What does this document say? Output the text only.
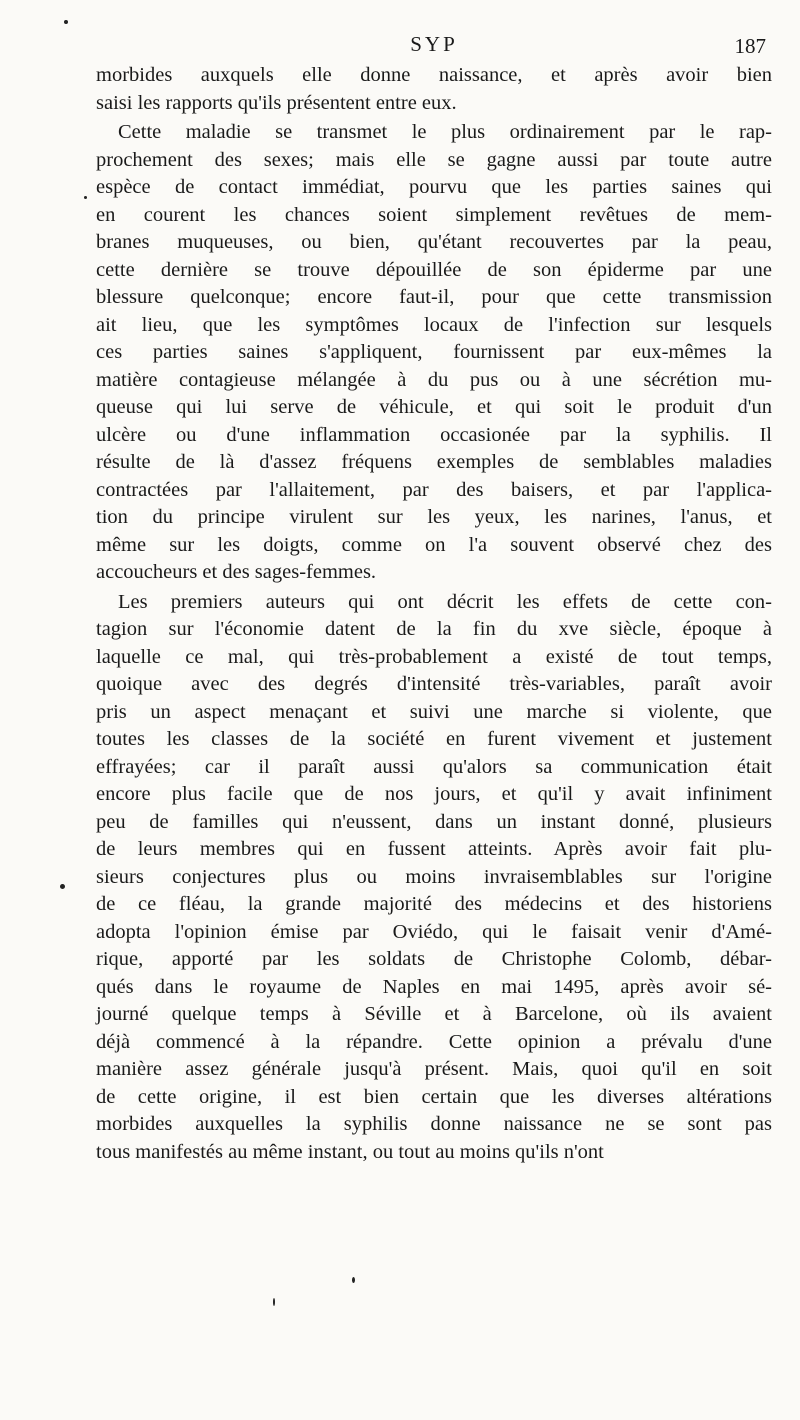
SYP	187
morbides auxquels elle donne naissance, et après avoir bien
saisi les rapports qu'ils présentent entre eux.
Cette maladie se transmet le plus ordinairement par le rap-
prochement des sexes; mais elle se gagne aussi par toute autre
espèce de contact immédiat, pourvu que les parties saines qui
en courent les chances soient simplement revêtues de mem-
branes muqueuses, ou bien, qu'étant recouvertes par la peau,
cette dernière se trouve dépouillée de son épiderme par une
blessure quelconque; encore faut-il, pour que cette transmission
ait lieu, que les symptômes locaux de l'infection sur lesquels
ces parties saines s'appliquent, fournissent par eux-mêmes la
matière contagieuse mélangée à du pus ou à une sécrétion mu-
queuse qui lui serve de véhicule, et qui soit le produit d'un
ulcère ou d'une inflammation occasionée par la syphilis. Il
résulte de là d'assez fréquens exemples de semblables maladies
contractées par l'allaitement, par des baisers, et par l'applica-
tion du principe virulent sur les yeux, les narines, l'anus, et
même sur les doigts, comme on l'a souvent observé chez des
accoucheurs et des sages-femmes.
Les premiers auteurs qui ont décrit les effets de cette con-
tagion sur l'économie datent de la fin du xve siècle, époque à
laquelle ce mal, qui très-probablement a existé de tout temps,
quoique avec des degrés d'intensité très-variables, paraît avoir
pris un aspect menaçant et suivi une marche si violente, que
toutes les classes de la société en furent vivement et justement
effrayées; car il paraît aussi qu'alors sa communication était
encore plus facile que de nos jours, et qu'il y avait infiniment
peu de familles qui n'eussent, dans un instant donné, plusieurs
de leurs membres qui en fussent atteints. Après avoir fait plu-
sieurs conjectures plus ou moins invraisemblables sur l'origine
de ce fléau, la grande majorité des médecins et des historiens
adopta l'opinion émise par Oviédo, qui le faisait venir d'Amé-
rique, apporté par les soldats de Christophe Colomb, débar-
qués dans le royaume de Naples en mai 1495, après avoir sé-
journé quelque temps à Séville et à Barcelone, où ils avaient
déjà commencé à la répandre. Cette opinion a prévalu d'une
manière assez générale jusqu'à présent. Mais, quoi qu'il en soit
de cette origine, il est bien certain que les diverses altérations
morbides auxquelles la syphilis donne naissance ne se sont pas
tous manifestés au même instant, ou tout au moins qu'ils n'ont
